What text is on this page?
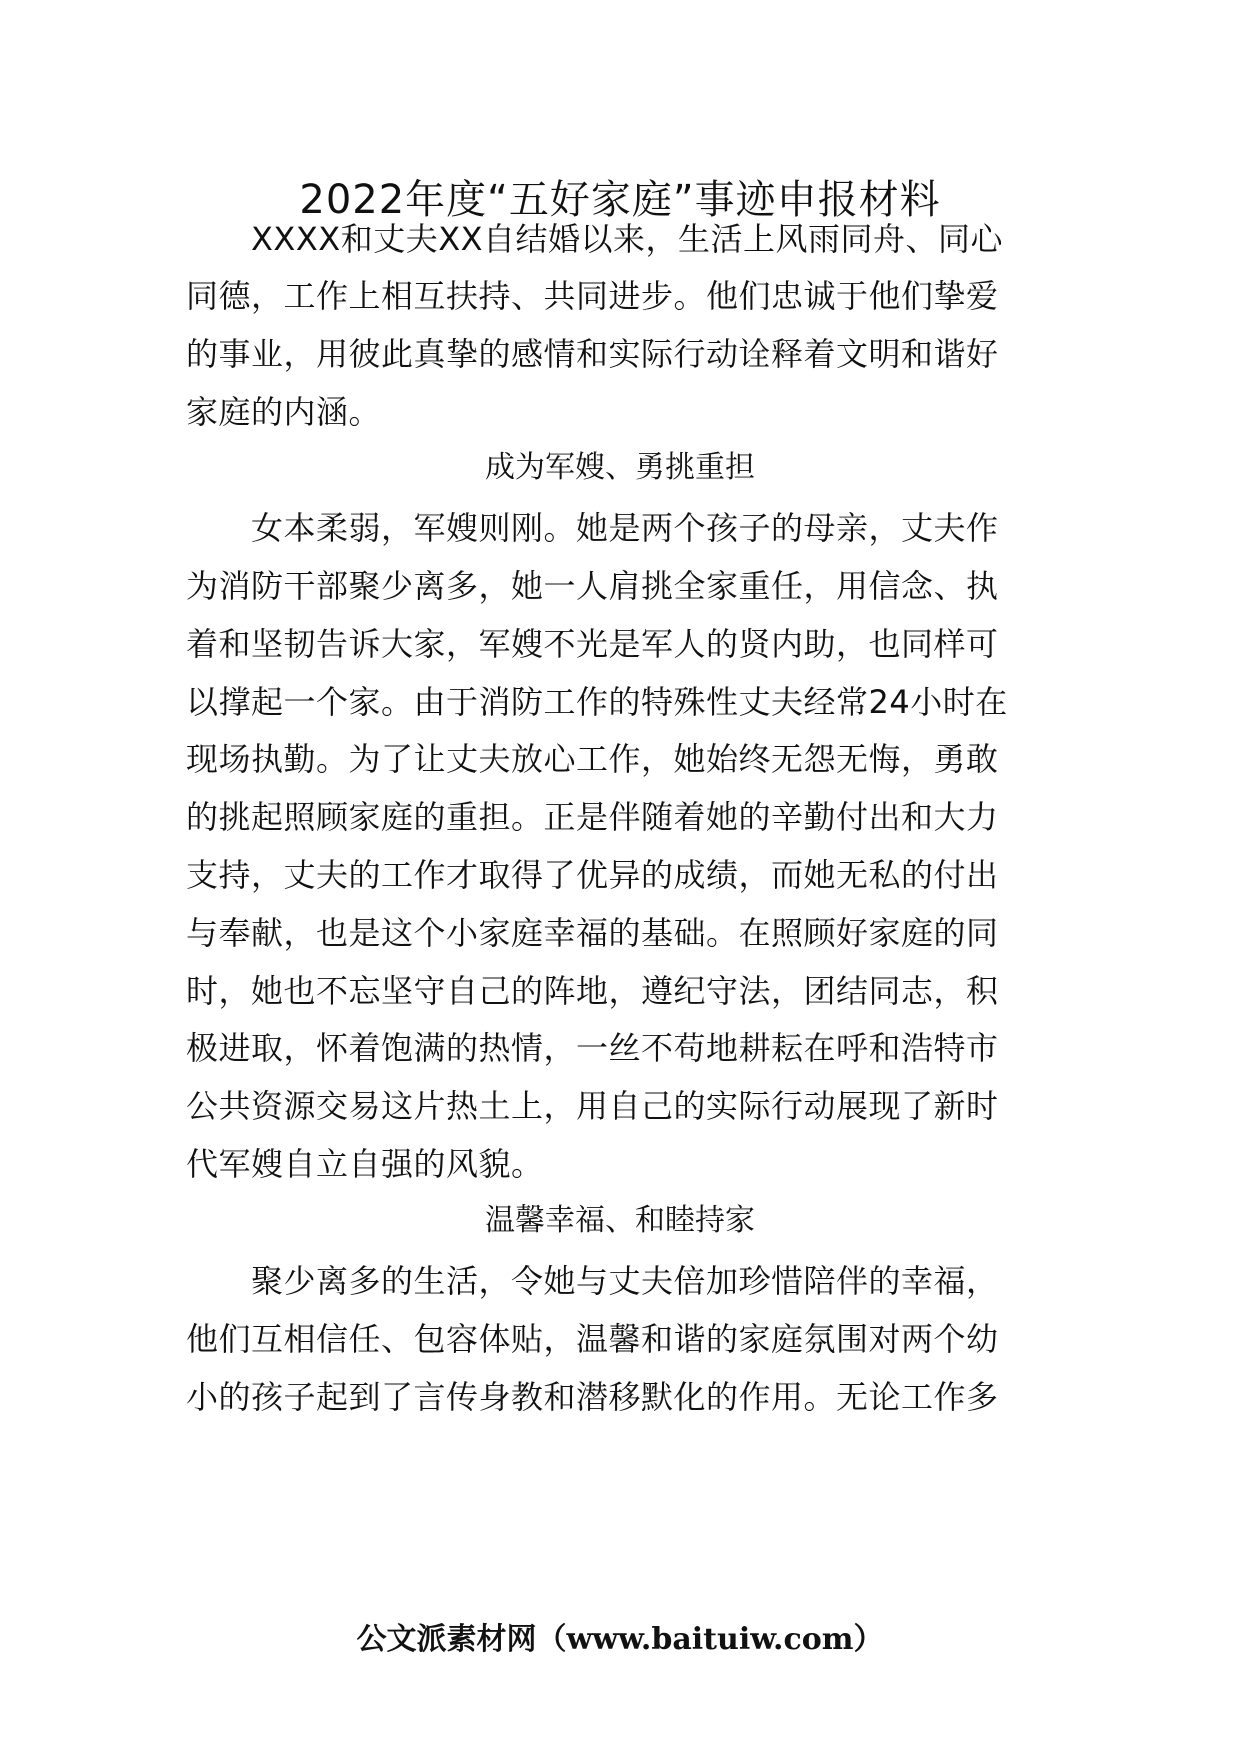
2022年度“五好家庭”事迹申报材料
　　XXXX和丈夫XX自结婚以来，生活上风雨同舟、同心
同德，工作上相互扶持、共同进步。他们忠诚于他们挚爱
的事业，用彼此真挚的感情和实际行动诠释着文明和谐好
家庭的内涵。
成为军嫂、勇挑重担
　　女本柔弱，军嫂则刚。她是两个孩子的母亲，丈夫作
为消防干部聚少离多，她一人肩挑全家重任，用信念、执
着和坚韧告诉大家，军嫂不光是军人的贤内助，也同样可
以撑起一个家。由于消防工作的特殊性丈夫经常24小时在
现场执勤。为了让丈夫放心工作，她始终无怨无悔，勇敢
的挑起照顾家庭的重担。正是伴随着她的辛勤付出和大力
支持，丈夫的工作才取得了优异的成绩，而她无私的付出
与奉献，也是这个小家庭幸福的基础。在照顾好家庭的同
时，她也不忘坚守自己的阵地，遵纪守法，团结同志，积
极进取，怀着饱满的热情，一丝不苟地耕耘在呼和浩特市
公共资源交易这片热土上，用自己的实际行动展现了新时
代军嫂自立自强的风貌。
温馨幸福、和睦持家
　　聚少离多的生活，令她与丈夫倍加珍惜陪伴的幸福，
他们互相信任、包容体贴，温馨和谐的家庭氛围对两个幼
小的孩子起到了言传身教和潜移默化的作用。无论工作多
公文派素材网（www.baituiw.com）
